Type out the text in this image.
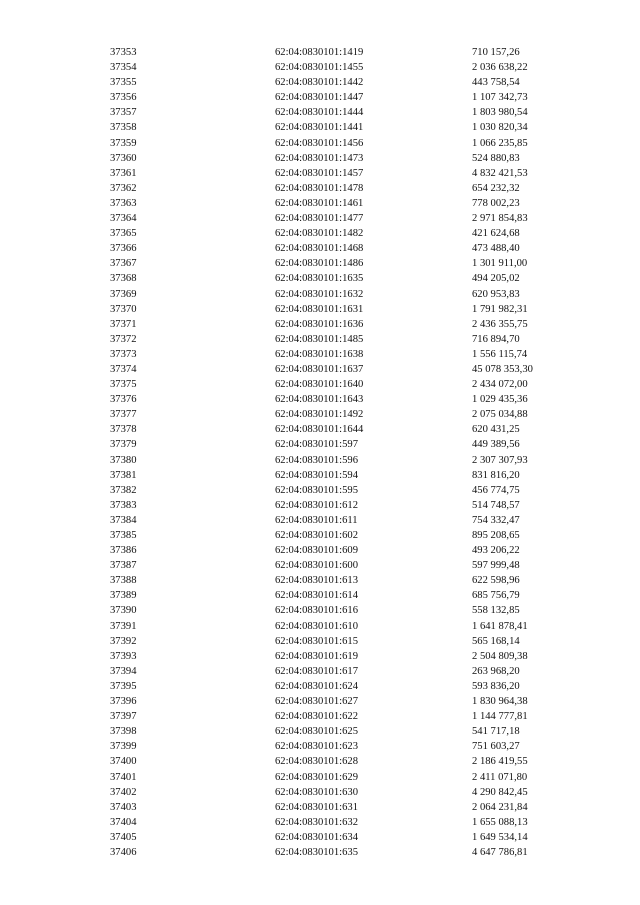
37353	62:04:0830101:1419	710 157,26
37354	62:04:0830101:1455	2 036 638,22
37355	62:04:0830101:1442	443 758,54
37356	62:04:0830101:1447	1 107 342,73
37357	62:04:0830101:1444	1 803 980,54
37358	62:04:0830101:1441	1 030 820,34
37359	62:04:0830101:1456	1 066 235,85
37360	62:04:0830101:1473	524 880,83
37361	62:04:0830101:1457	4 832 421,53
37362	62:04:0830101:1478	654 232,32
37363	62:04:0830101:1461	778 002,23
37364	62:04:0830101:1477	2 971 854,83
37365	62:04:0830101:1482	421 624,68
37366	62:04:0830101:1468	473 488,40
37367	62:04:0830101:1486	1 301 911,00
37368	62:04:0830101:1635	494 205,02
37369	62:04:0830101:1632	620 953,83
37370	62:04:0830101:1631	1 791 982,31
37371	62:04:0830101:1636	2 436 355,75
37372	62:04:0830101:1485	716 894,70
37373	62:04:0830101:1638	1 556 115,74
37374	62:04:0830101:1637	45 078 353,30
37375	62:04:0830101:1640	2 434 072,00
37376	62:04:0830101:1643	1 029 435,36
37377	62:04:0830101:1492	2 075 034,88
37378	62:04:0830101:1644	620 431,25
37379	62:04:0830101:597	449 389,56
37380	62:04:0830101:596	2 307 307,93
37381	62:04:0830101:594	831 816,20
37382	62:04:0830101:595	456 774,75
37383	62:04:0830101:612	514 748,57
37384	62:04:0830101:611	754 332,47
37385	62:04:0830101:602	895 208,65
37386	62:04:0830101:609	493 206,22
37387	62:04:0830101:600	597 999,48
37388	62:04:0830101:613	622 598,96
37389	62:04:0830101:614	685 756,79
37390	62:04:0830101:616	558 132,85
37391	62:04:0830101:610	1 641 878,41
37392	62:04:0830101:615	565 168,14
37393	62:04:0830101:619	2 504 809,38
37394	62:04:0830101:617	263 968,20
37395	62:04:0830101:624	593 836,20
37396	62:04:0830101:627	1 830 964,38
37397	62:04:0830101:622	1 144 777,81
37398	62:04:0830101:625	541 717,18
37399	62:04:0830101:623	751 603,27
37400	62:04:0830101:628	2 186 419,55
37401	62:04:0830101:629	2 411 071,80
37402	62:04:0830101:630	4 290 842,45
37403	62:04:0830101:631	2 064 231,84
37404	62:04:0830101:632	1 655 088,13
37405	62:04:0830101:634	1 649 534,14
37406	62:04:0830101:635	4 647 786,81
